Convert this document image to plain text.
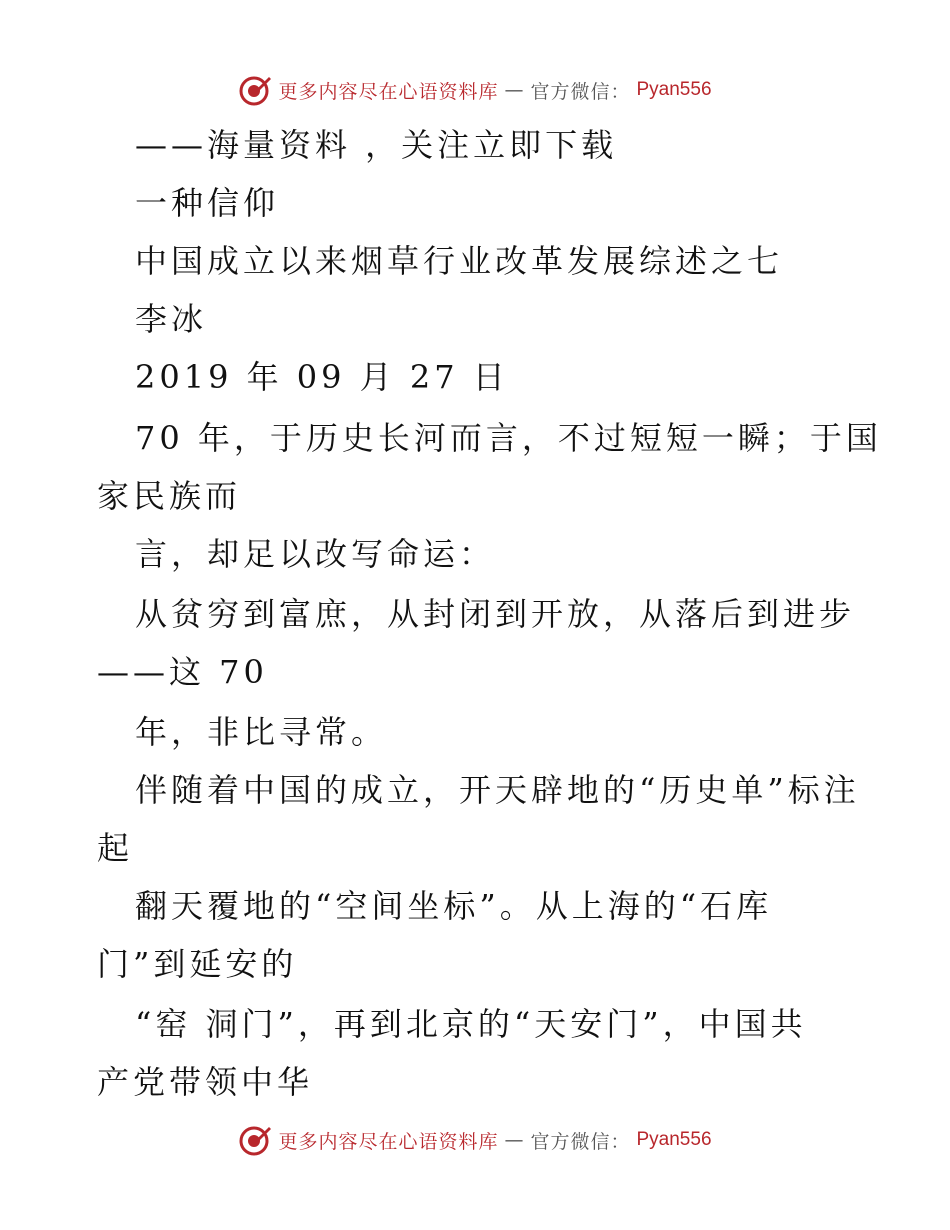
更多内容尽在心语资料库 — 官方微信： Pyan556
——海量资料 ，关注立即下载
一种信仰
中国成立以来烟草行业改革发展综述之七
李冰
2019 年 09 月 27 日
70 年，于历史长河而言，不过短短一瞬；于国
家民族而
言，却足以改写命运：
从贫穷到富庶，从封闭到开放，从落后到进步
——这 70
年，非比寻常。
伴随着中国的成立，开天辟地的“历史单”标注
起
翻天覆地的“空间坐标”。从上海的“石库
门”到延安的
“窑 洞门”，再到北京的“天安门”，中国共
产党带领中华
更多内容尽在心语资料库 — 官方微信： Pyan556
